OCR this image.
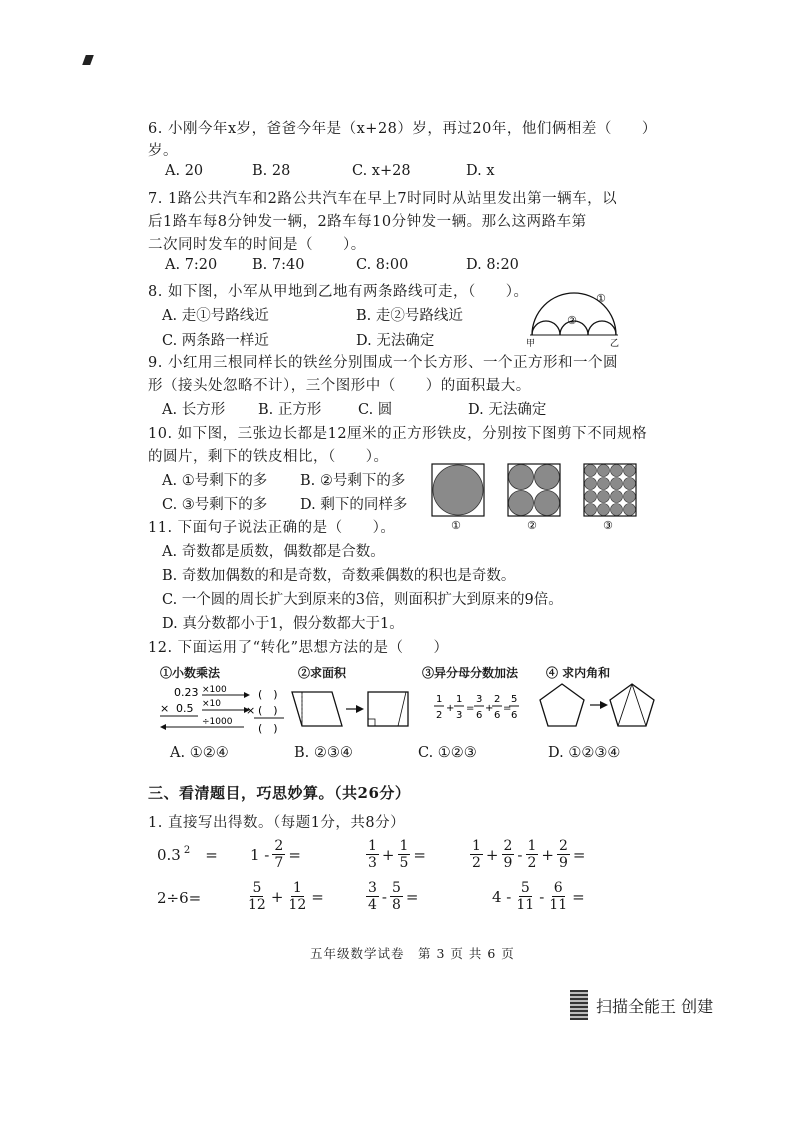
6. 小刚今年x岁，爸爸今年是（x+28）岁，再过20年，他们俩相差（　　）
岁。
A. 20	B. 28	C. x+28	D. x
7. 1路公共汽车和2路公共汽车在早上7时同时从站里发出第一辆车，以
后1路车每8分钟发一辆，2路车每10分钟发一辆。那么这两路车第
二次同时发车的时间是（　　）。
A. 7:20 B. 7:40	C. 8:00	D. 8:20
8. 如下图，小军从甲地到乙地有两条路线可走，（　　）。
A. 走①号路线近	B. 走②号路线近
C. 两条路一样近	D. 无法确定
①
②
甲	乙
9. 小红用三根同样长的铁丝分别围成一个长方形、一个正方形和一个圆
形（接头处忽略不计），三个图形中（　　）的面积最大。
A. 长方形 B. 正方形	C. 圆	D. 无法确定
10. 如下图，三张边长都是12厘米的正方形铁皮，分别按下图剪下不同规格
的圆片，剩下的铁皮相比，（　　）。
A. ①号剩下的多 B. ②号剩下的多
C. ③号剩下的多 D. 剩下的同样多
①	②	③
11. 下面句子说法正确的是（　　）。
A. 奇数都是质数，偶数都是合数。
B. 奇数加偶数的和是奇数，奇数乘偶数的积也是奇数。
C. 一个圆的周长扩大到原来的3倍，则面积扩大到原来的9倍。
D. 真分数都小于1，假分数都大于1。
12. 下面运用了“转化”思想方法的是（　　）
①小数乘法	②求面积	③异分母分数加法 ④ 求内角和
0.23
× 0.5
×100
×10
(　)
× (　)
÷1000 (　)
1
2
+
1
3
=
3
6
+
2
6
=
5
6
A. ①②④	B. ②③④	C. ①②③	D. ①②③④
三、看清题目，巧思妙算。（共26分）
1. 直接写出得数。（每题1分，共8分）
0.3 $^2 = 1 - \frac{2}{7}$ =	$\frac{1}{3} + \frac{1}{5}$ =	$\frac{1}{2} + \frac{2}{9} - \frac{1}{2} + \frac{2}{9}$ =
2÷6=	$\frac{5}{12} + \frac{1}{12}$ =	$\frac{3}{4} - \frac{5}{8}$ =	$4 - \frac{5}{11} - \frac{6}{11}$ =
五年级数学试卷　第 3 页 共 6 页
扫描全能王 创建
